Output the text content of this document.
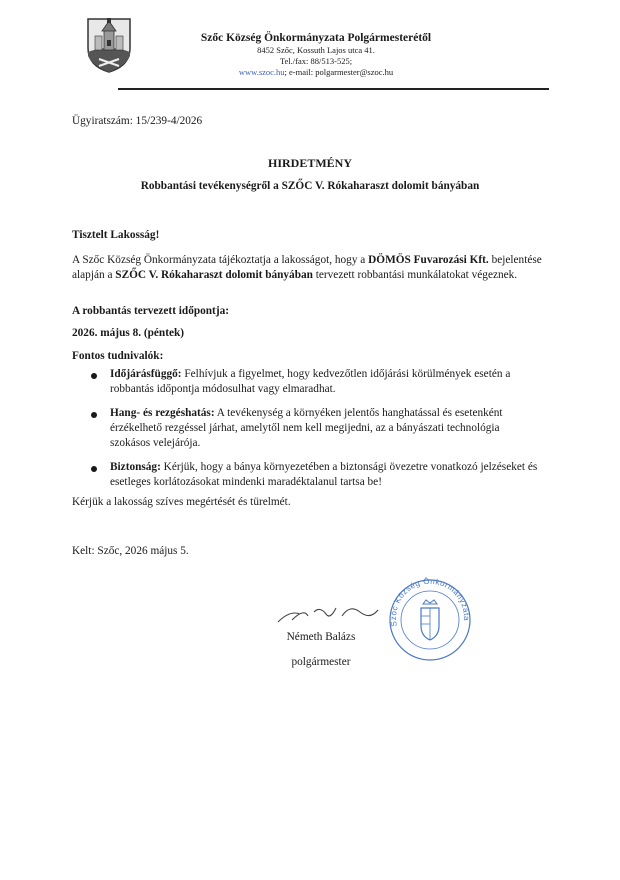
Szőc Község Önkormányzata Polgármesterétől
8452 Szőc, Kossuth Lajos utca 41.
Tel./fax: 88/513-525;
www.szoc.hu; e-mail: polgarmester@szoc.hu
Ügyiratszám: 15/239-4/2026
HIRDETMÉNY
Robbantási tevékenységről a SZŐC V. Rókaharaszt dolomit bányában
Tisztelt Lakosság!
A Szőc Község Önkormányzata tájékoztatja a lakosságot, hogy a DÖMÖS Fuvarozási Kft. bejelentése alapján a SZŐC V. Rókaharaszt dolomit bányában tervezett robbantási munkálatokat végeznek.
A robbantás tervezett időpontja:
2026. május 8. (péntek)
Fontos tudnivalók:
Időjárásfüggő: Felhívjuk a figyelmet, hogy kedvezőtlen időjárási körülmények esetén a robbantás időpontja módosulhat vagy elmaradhat.
Hang- és rezgéshatás: A tevékenység a környéken jelentős hanghatással és esetenként érzékelhető rezgéssel járhat, amelytől nem kell megijedni, az a bányászati technológia szokásos velejárója.
Biztonság: Kérjük, hogy a bánya környezetében a biztonsági övezetre vonatkozó jelzéseket és esetleges korlátozásokat mindenki maradéktalanul tartsa be!
Kérjük a lakosság szíves megértését és türelmét.
Kelt: Szőc, 2026 május 5.
Németh Balázs
polgármester
Szőc Község Önkormányzata
